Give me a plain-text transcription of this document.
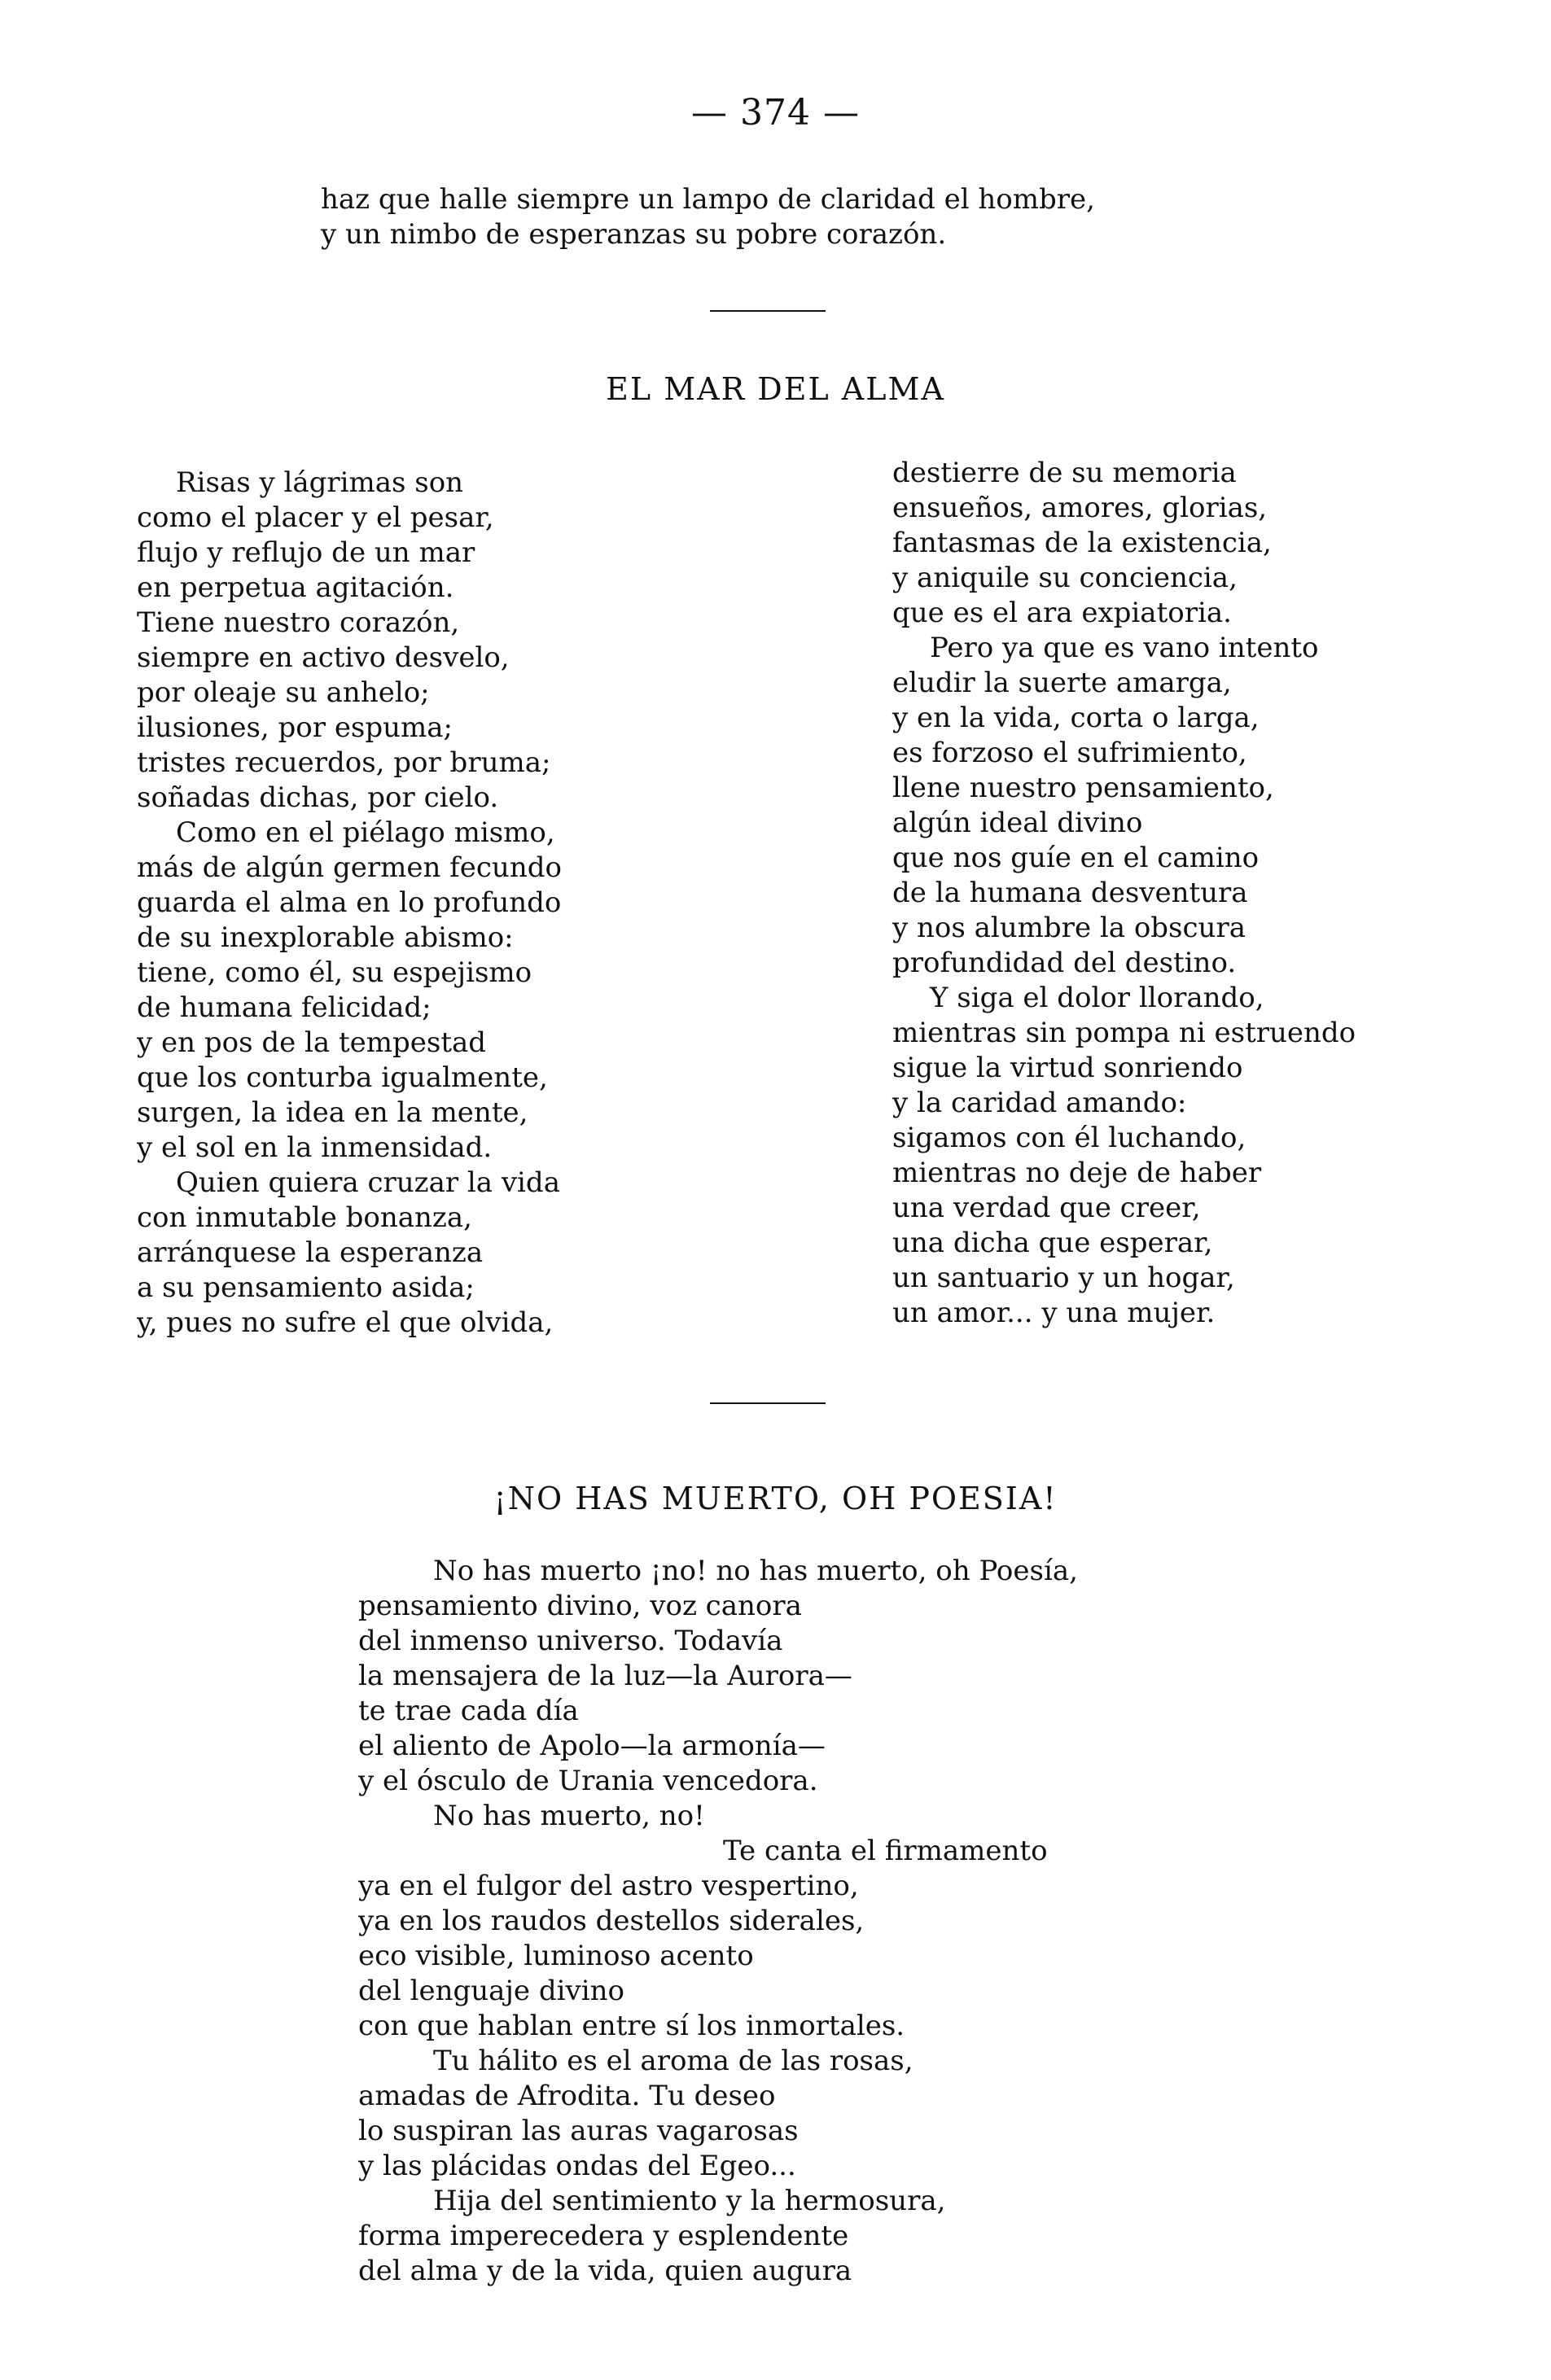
— 374 —
haz que halle siempre un lampo de claridad el hombre,
y un nimbo de esperanzas su pobre corazón.
EL MAR DEL ALMA
Risas y lágrimas son
como el placer y el pesar,
flujo y reflujo de un mar
en perpetua agitación.
Tiene nuestro corazón,
siempre en activo desvelo,
por oleaje su anhelo;
ilusiones, por espuma;
tristes recuerdos, por bruma;
soñadas dichas, por cielo.
Como en el piélago mismo,
más de algún germen fecundo
guarda el alma en lo profundo
de su inexplorable abismo:
tiene, como él, su espejismo
de humana felicidad;
y en pos de la tempestad
que los conturba igualmente,
surgen, la idea en la mente,
y el sol en la inmensidad.
Quien quiera cruzar la vida
con inmutable bonanza,
arránquese la esperanza
a su pensamiento asida;
y, pues no sufre el que olvida,
destierre de su memoria
ensueños, amores, glorias,
fantasmas de la existencia,
y aniquile su conciencia,
que es el ara expiatoria.
Pero ya que es vano intento
eludir la suerte amarga,
y en la vida, corta o larga,
es forzoso el sufrimiento,
llene nuestro pensamiento,
algún ideal divino
que nos guíe en el camino
de la humana desventura
y nos alumbre la obscura
profundidad del destino.
Y siga el dolor llorando,
mientras sin pompa ni estruendo
sigue la virtud sonriendo
y la caridad amando:
sigamos con él luchando,
mientras no deje de haber
una verdad que creer,
una dicha que esperar,
un santuario y un hogar,
un amor... y una mujer.
¡NO HAS MUERTO, OH POESIA!
No has muerto ¡no! no has muerto, oh Poesía,
pensamiento divino, voz canora
del inmenso universo. Todavía
la mensajera de la luz—la Aurora—
te trae cada día
el aliento de Apolo—la armonía—
y el ósculo de Urania vencedora.
No has muerto, no!
Te canta el firmamento
ya en el fulgor del astro vespertino,
ya en los raudos destellos siderales,
eco visible, luminoso acento
del lenguaje divino
con que hablan entre sí los inmortales.
Tu hálito es el aroma de las rosas,
amadas de Afrodita. Tu deseo
lo suspiran las auras vagarosas
y las plácidas ondas del Egeo...
Hija del sentimiento y la hermosura,
forma imperecedera y esplendente
del alma y de la vida, quien augura
